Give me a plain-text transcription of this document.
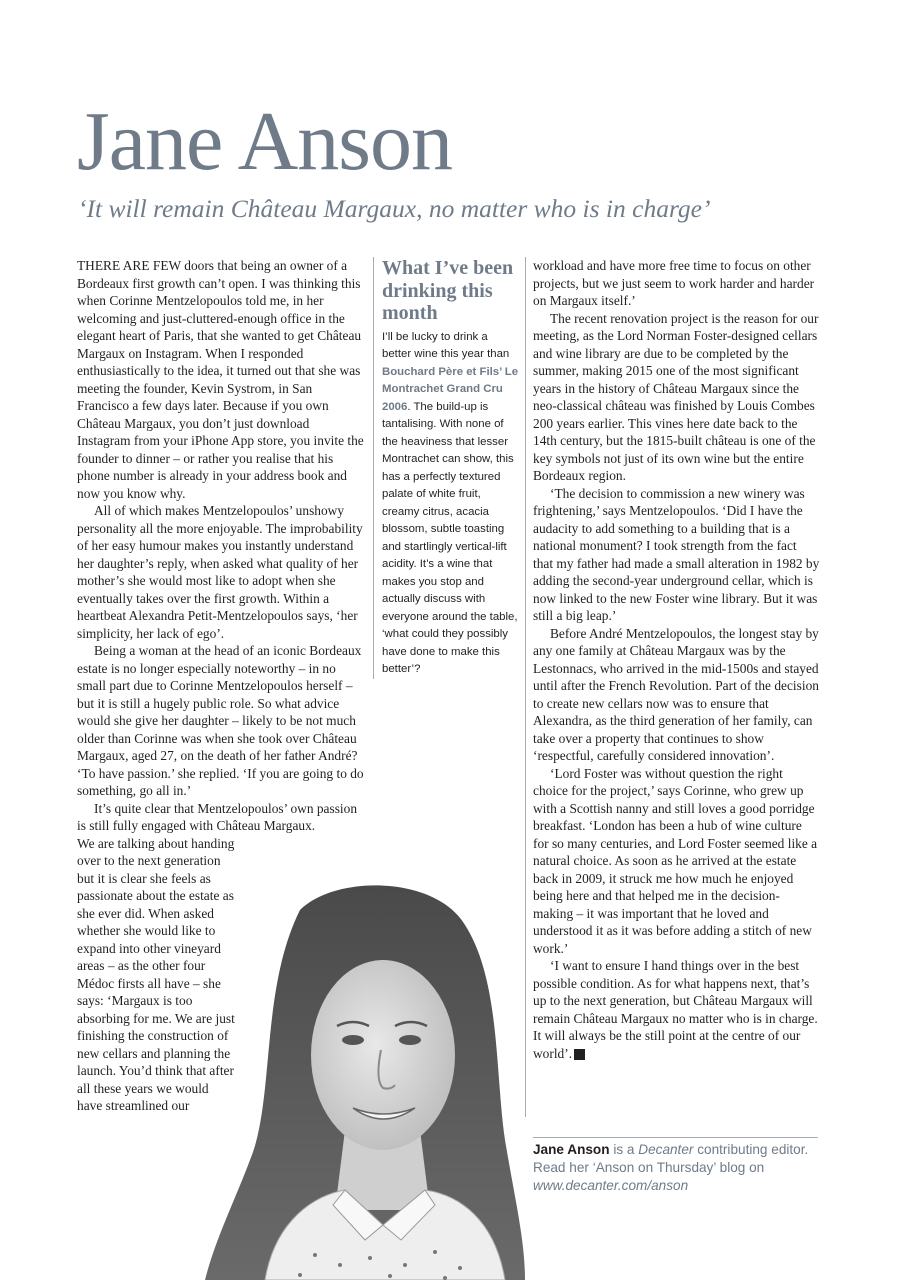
Jane Anson
‘It will remain Château Margaux, no matter who is in charge’

THERE ARE FEW doors that being an owner of a Bordeaux first growth can’t open. I was thinking this when Corinne Mentzelopoulos told me, in her welcoming and just-cluttered-enough office in the elegant heart of Paris, that she wanted to get Château Margaux on Instagram. When I responded enthusiastically to the idea, it turned out that she was meeting the founder, Kevin Systrom, in San Francisco a few days later. Because if you own Château Margaux, you don’t just download Instagram from your iPhone App store, you invite the founder to dinner – or rather you realise that his phone number is already in your address book and now you know why.

All of which makes Mentzelopoulos’ unshowy personality all the more enjoyable. The improbability of her easy humour makes you instantly understand her daughter’s reply, when asked what quality of her mother’s she would most like to adopt when she eventually takes over the first growth. Within a heartbeat Alexandra Petit-Mentzelopoulos says, ‘her simplicity, her lack of ego’.

Being a woman at the head of an iconic Bordeaux estate is no longer especially noteworthy – in no small part due to Corinne Mentzelopoulos herself – but it is still a hugely public role. So what advice would she give her daughter – likely to be not much older than Corinne was when she took over Château Margaux, aged 27, on the death of her father André? ‘To have passion.’ she replied. ‘If you are going to do something, go all in.’

It’s quite clear that Mentzelopoulos’ own passion is still fully engaged with Château Margaux.

We are talking about handing over to the next generation but it is clear she feels as passionate about the estate as she ever did. When asked whether she would like to expand into other vineyard areas – as the other four Médoc firsts all have – she says: ‘Margaux is too absorbing for me. We are just finishing the construction of new cellars and planning the launch. You’d think that after all these years we would have streamlined our
What I’ve been drinking this month
I’ll be lucky to drink a better wine this year than Bouchard Père et Fils’ Le Montrachet Grand Cru 2006. The build-up is tantalising. With none of the heaviness that lesser Montrachet can show, this has a perfectly textured palate of white fruit, creamy citrus, acacia blossom, subtle toasting and startlingly vertical-lift acidity. It’s a wine that makes you stop and actually discuss with everyone around the table, ‘what could they possibly have done to make this better’?

workload and have more free time to focus on other projects, but we just seem to work harder and harder on Margaux itself.’

The recent renovation project is the reason for our meeting, as the Lord Norman Foster-designed cellars and wine library are due to be completed by the summer, making 2015 one of the most significant years in the history of Château Margaux since the neo-classical château was finished by Louis Combes 200 years earlier. This vines here date back to the 14th century, but the 1815-built château is one of the key symbols not just of its own wine but the entire Bordeaux region.

‘The decision to commission a new winery was frightening,’ says Mentzelopoulos. ‘Did I have the audacity to add something to a building that is a national monument? I took strength from the fact that my father had made a small alteration in 1982 by adding the second-year underground cellar, which is now linked to the new Foster wine library. But it was still a big leap.’

Before André Mentzelopoulos, the longest stay by any one family at Château Margaux was by the Lestonnacs, who arrived in the mid-1500s and stayed until after the French Revolution. Part of the decision to create new cellars now was to ensure that Alexandra, as the third generation of her family, can take over a property that continues to show ‘respectful, carefully considered innovation’.

‘Lord Foster was without question the right choice for the project,’ says Corinne, who grew up with a Scottish nanny and still loves a good porridge breakfast. ‘London has been a hub of wine culture for so many centuries, and Lord Foster seemed like a natural choice. As soon as he arrived at the estate back in 2009, it struck me how much he enjoyed being here and that helped me in the decision-making – it was important that he loved and understood it as it was before adding a stitch of new work.’

‘I want to ensure I hand things over in the best possible condition. As for what happens next, that’s up to the next generation, but Château Margaux will remain Château Margaux no matter who is in charge. It will always be the still point at the centre of our world’. D

Jane Anson is a Decanter contributing editor. Read her ‘Anson on Thursday’ blog on www.decanter.com/anson
